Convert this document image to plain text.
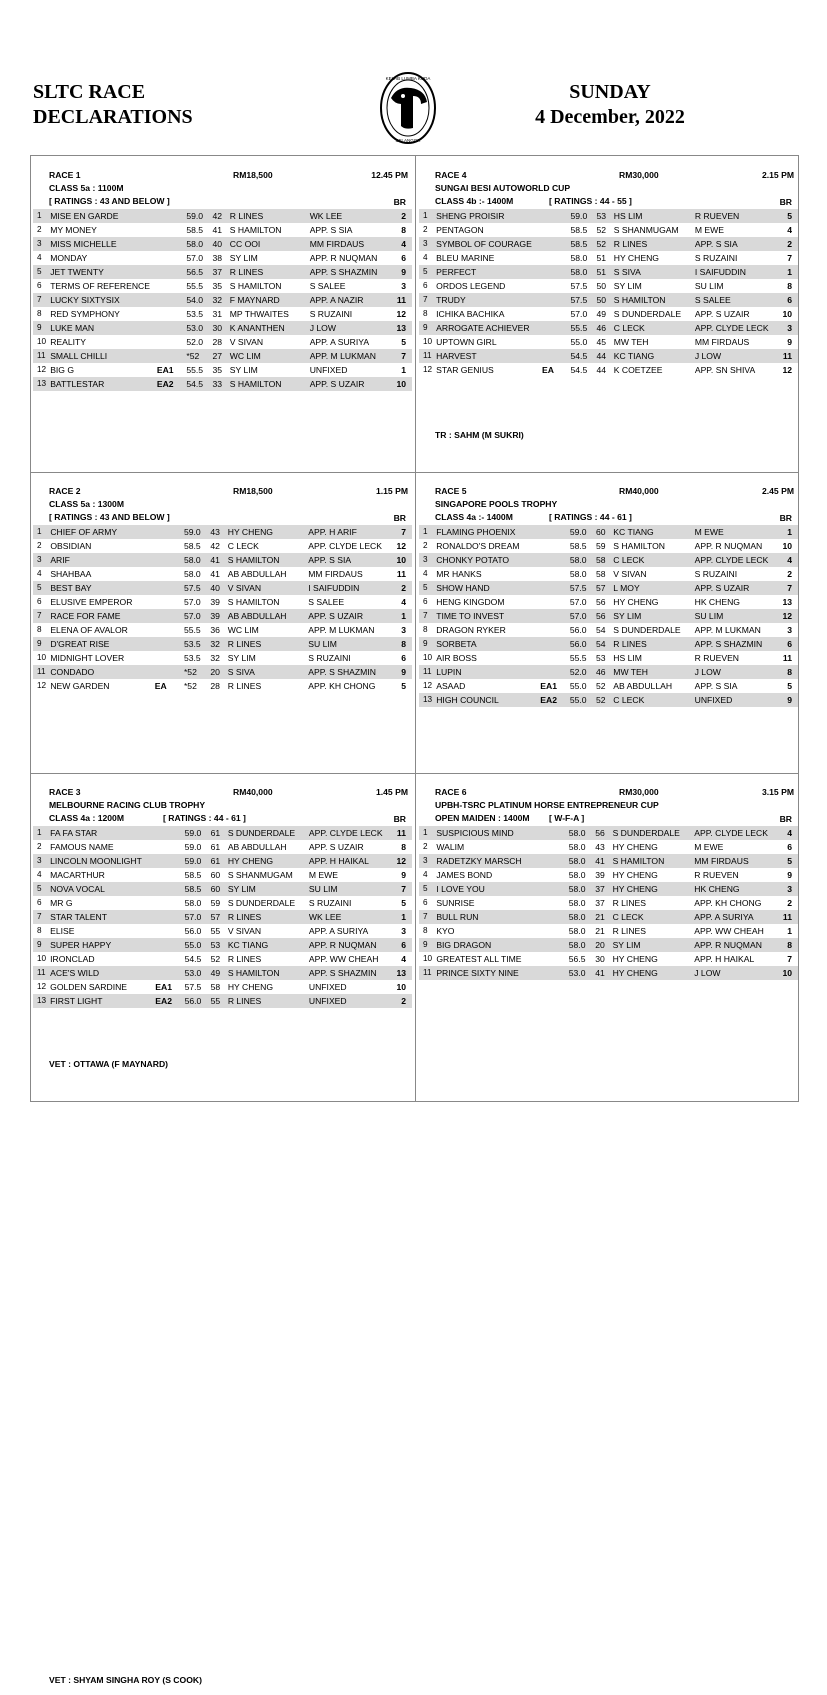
SLTC RACE
DECLARATIONS
KELAB LUMBA KUDA
SELANGOR
SUNDAY
4 December, 2022
RACE 1	RM18,500	12.45 PM
CLASS 5a : 1100M
[ RATINGS : 43 AND BELOW ]	BR
1	MISE EN GARDE		59.0	42	R LINES	WK LEE	2
2	MY MONEY		58.5	41	S HAMILTON	APP. S SIA	8
3	MISS MICHELLE		58.0	40	CC OOI	MM FIRDAUS	4
4	MONDAY		57.0	38	SY LIM	APP. R NUQMAN	6
5	JET TWENTY		56.5	37	R LINES	APP. S SHAZMIN	9
6	TERMS OF REFERENCE		55.5	35	S HAMILTON	S SALEE	3
7	LUCKY SIXTYSIX		54.0	32	F MAYNARD	APP. A NAZIR	11
8	RED SYMPHONY		53.5	31	MP THWAITES	S RUZAINI	12
9	LUKE MAN		53.0	30	K ANANTHEN	J LOW	13
10	REALITY		52.0	28	V SIVAN	APP. A SURIYA	5
11	SMALL CHILLI		*52	27	WC LIM	APP. M LUKMAN	7
12	BIG G	EA1	55.5	35	SY LIM	UNFIXED	1
13	BATTLESTAR	EA2	54.5	33	S HAMILTON	APP. S UZAIR	10
RACE 4	RM30,000	2.15 PM
SUNGAI BESI AUTOWORLD CUP
CLASS 4b :- 1400M	[ RATINGS : 44 - 55 ]	BR
1	SHENG PROISIR		59.0	53	HS LIM	R RUEVEN	5
2	PENTAGON		58.5	52	S SHANMUGAM	M EWE	4
3	SYMBOL OF COURAGE		58.5	52	R LINES	APP. S SIA	2
4	BLEU MARINE		58.0	51	HY CHENG	S RUZAINI	7
5	PERFECT		58.0	51	S SIVA	I SAIFUDDIN	1
6	ORDOS LEGEND		57.5	50	SY LIM	SU LIM	8
7	TRUDY		57.5	50	S HAMILTON	S SALEE	6
8	ICHIKA BACHIKA		57.0	49	S DUNDERDALE	APP. S UZAIR	10
9	ARROGATE ACHIEVER		55.5	46	C LECK	APP. CLYDE LECK	3
10	UPTOWN GIRL		55.0	45	MW TEH	MM FIRDAUS	9
11	HARVEST		54.5	44	KC TIANG	J LOW	11
12	STAR GENIUS	EA	54.5	44	K COETZEE	APP. SN SHIVA	12
TR : SAHM (M SUKRI)
RACE 2	RM18,500	1.15 PM
CLASS 5a : 1300M
[ RATINGS : 43 AND BELOW ]	BR
1	CHIEF OF ARMY		59.0	43	HY CHENG	APP. H ARIF	7
2	OBSIDIAN		58.5	42	C LECK	APP. CLYDE LECK	12
3	ARIF		58.0	41	S HAMILTON	APP. S SIA	10
4	SHAHBAA		58.0	41	AB ABDULLAH	MM FIRDAUS	11
5	BEST BAY		57.5	40	V SIVAN	I SAIFUDDIN	2
6	ELUSIVE EMPEROR		57.0	39	S HAMILTON	S SALEE	4
7	RACE FOR FAME		57.0	39	AB ABDULLAH	APP. S UZAIR	1
8	ELENA OF AVALOR		55.5	36	WC LIM	APP. M LUKMAN	3
9	D'GREAT RISE		53.5	32	R LINES	SU LIM	8
10	MIDNIGHT LOVER		53.5	32	SY LIM	S RUZAINI	6
11	CONDADO		*52	20	S SIVA	APP. S SHAZMIN	9
12	NEW GARDEN	EA	*52	28	R LINES	APP. KH CHONG	5
VET : OTTAWA (F MAYNARD)
RACE 5	RM40,000	2.45 PM
SINGAPORE POOLS TROPHY
CLASS 4a :- 1400M	[ RATINGS : 44 - 61 ]	BR
1	FLAMING PHOENIX		59.0	60	KC TIANG	M EWE	1
2	RONALDO'S DREAM		58.5	59	S HAMILTON	APP. R NUQMAN	10
3	CHONKY POTATO		58.0	58	C LECK	APP. CLYDE LECK	4
4	MR HANKS		58.0	58	V SIVAN	S RUZAINI	2
5	SHOW HAND		57.5	57	L MOY	APP. S UZAIR	7
6	HENG KINGDOM		57.0	56	HY CHENG	HK CHENG	13
7	TIME TO INVEST		57.0	56	SY LIM	SU LIM	12
8	DRAGON RYKER		56.0	54	S DUNDERDALE	APP. M LUKMAN	3
9	SORBETA		56.0	54	R LINES	APP. S SHAZMIN	6
10	AIR BOSS		55.5	53	HS LIM	R RUEVEN	11
11	LUPIN		52.0	46	MW TEH	J LOW	8
12	ASAAD	EA1	55.0	52	AB ABDULLAH	APP. S SIA	5
13	HIGH COUNCIL	EA2	55.0	52	C LECK	UNFIXED	9
RACE 3	RM40,000	1.45 PM
MELBOURNE RACING CLUB TROPHY
CLASS 4a : 1200M	[ RATINGS : 44 - 61 ]	BR
1	FA FA STAR		59.0	61	S DUNDERDALE	APP. CLYDE LECK	11
2	FAMOUS NAME		59.0	61	AB ABDULLAH	APP. S UZAIR	8
3	LINCOLN MOONLIGHT		59.0	61	HY CHENG	APP. H HAIKAL	12
4	MACARTHUR		58.5	60	S SHANMUGAM	M EWE	9
5	NOVA VOCAL		58.5	60	SY LIM	SU LIM	7
6	MR G		58.0	59	S DUNDERDALE	S RUZAINI	5
7	STAR TALENT		57.0	57	R LINES	WK LEE	1
8	ELISE		56.0	55	V SIVAN	APP. A SURIYA	3
9	SUPER HAPPY		55.0	53	KC TIANG	APP. R NUQMAN	6
10	IRONCLAD		54.5	52	R LINES	APP. WW CHEAH	4
11	ACE'S WILD		53.0	49	S HAMILTON	APP. S SHAZMIN	13
12	GOLDEN SARDINE	EA1	57.5	58	HY CHENG	UNFIXED	10
13	FIRST LIGHT	EA2	56.0	55	R LINES	UNFIXED	2
VET : SHYAM SINGHA ROY (S COOK)
RACE 6	RM30,000	3.15 PM
UPBH-TSRC PLATINUM HORSE ENTREPRENEUR CUP
OPEN MAIDEN : 1400M [ W-F-A ]	BR
1	SUSPICIOUS MIND		58.0	56	S DUNDERDALE	APP. CLYDE LECK	4
2	WALIM		58.0	43	HY CHENG	M EWE	6
3	RADETZKY MARSCH		58.0	41	S HAMILTON	MM FIRDAUS	5
4	JAMES BOND		58.0	39	HY CHENG	R RUEVEN	9
5	I LOVE YOU		58.0	37	HY CHENG	HK CHENG	3
6	SUNRISE		58.0	37	R LINES	APP. KH CHONG	2
7	BULL RUN		58.0	21	C LECK	APP. A SURIYA	11
8	KYO		58.0	21	R LINES	APP. WW CHEAH	1
9	BIG DRAGON		58.0	20	SY LIM	APP. R NUQMAN	8
10	GREATEST ALL TIME		56.5	30	HY CHENG	APP. H HAIKAL	7
11	PRINCE SIXTY NINE		53.0	41	HY CHENG	J LOW	10
